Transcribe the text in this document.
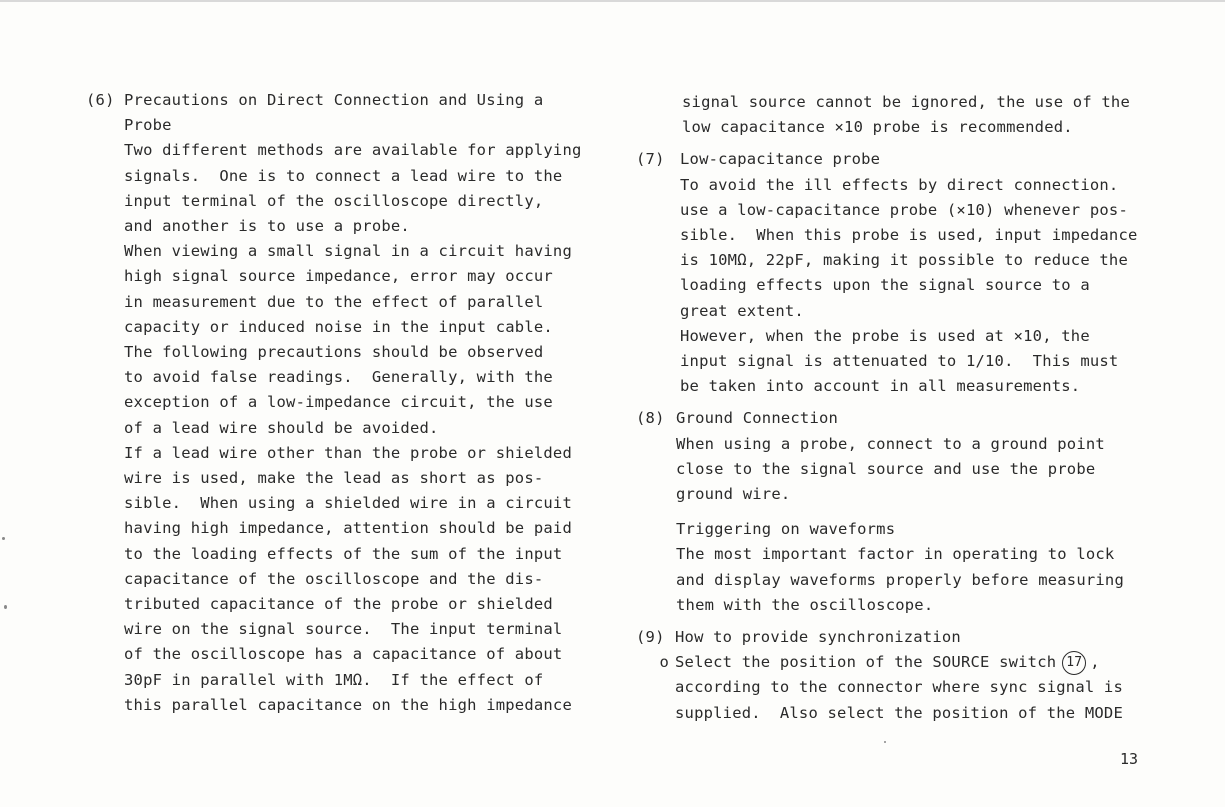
(6) Precautions on Direct Connection and Using a
Probe
Two different methods are available for applying
signals.  One is to connect a lead wire to the
input terminal of the oscilloscope directly,
and another is to use a probe.
When viewing a small signal in a circuit having
high signal source impedance, error may occur
in measurement due to the effect of parallel
capacity or induced noise in the input cable.
The following precautions should be observed
to avoid false readings.  Generally, with the
exception of a low-impedance circuit, the use
of a lead wire should be avoided.
If a lead wire other than the probe or shielded
wire is used, make the lead as short as pos-
sible.  When using a shielded wire in a circuit
having high impedance, attention should be paid
to the loading effects of the sum of the input
capacitance of the oscilloscope and the dis-
tributed capacitance of the probe or shielded
wire on the signal source.  The input terminal
of the oscilloscope has a capacitance of about
30pF in parallel with 1MΩ.  If the effect of
this parallel capacitance on the high impedance
signal source cannot be ignored, the use of the
low capacitance ×10 probe is recommended.
(7) Low-capacitance probe
To avoid the ill effects by direct connection.
use a low-capacitance probe (×10) whenever pos-
sible.  When this probe is used, input impedance
is 10MΩ, 22pF, making it possible to reduce the
loading effects upon the signal source to a
great extent.
However, when the probe is used at ×10, the
input signal is attenuated to 1/10.  This must
be taken into account in all measurements.
(8) Ground Connection
When using a probe, connect to a ground point
close to the signal source and use the probe
ground wire.
Triggering on waveforms
The most important factor in operating to lock
and display waveforms properly before measuring
them with the oscilloscope.
(9) How to provide synchronization
o Select the position of the SOURCE switch 17 ,
according to the connector where sync signal is
supplied.  Also select the position of the MODE
13
